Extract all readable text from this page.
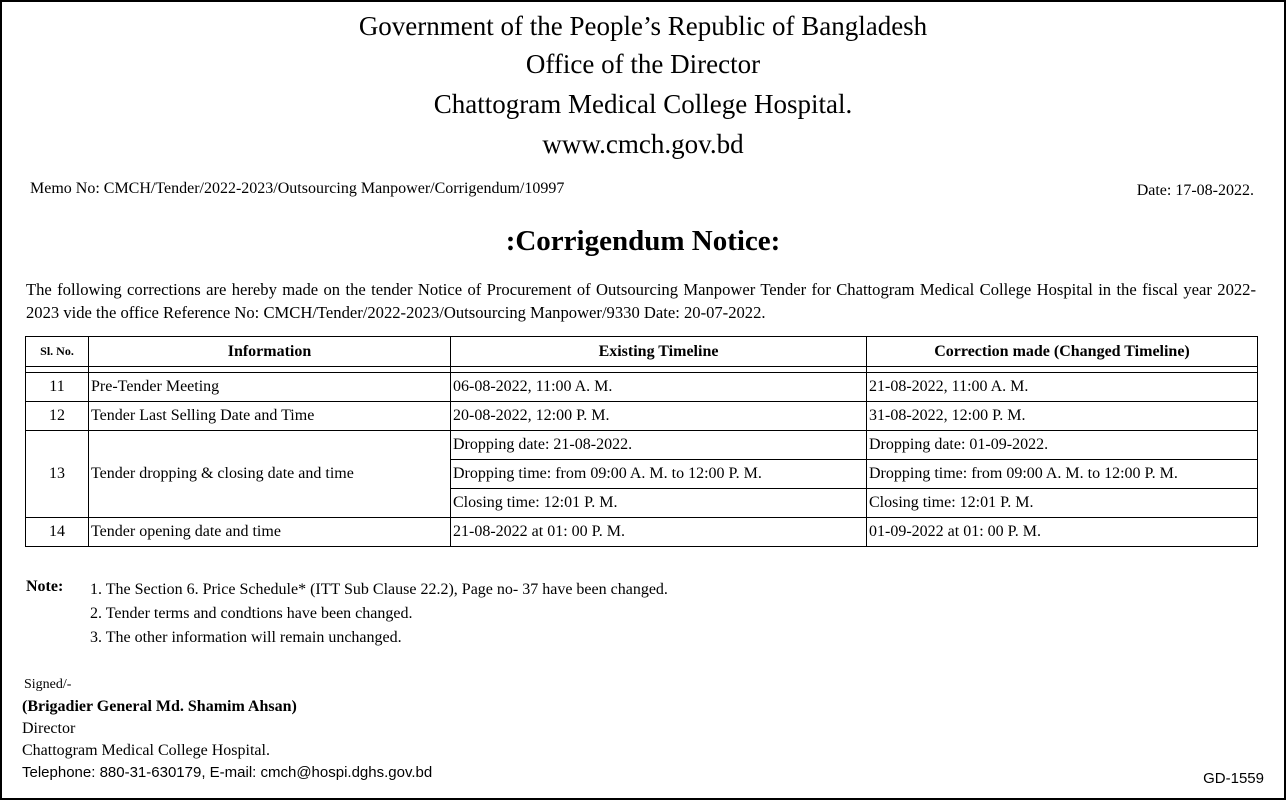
Government of the People’s Republic of Bangladesh
Office of the Director
Chattogram Medical College Hospital.
www.cmch.gov.bd
Memo No: CMCH/Tender/2022-2023/Outsourcing Manpower/Corrigendum/10997	Date: 17-08-2022.
:Corrigendum Notice:
The following corrections are hereby made on the tender Notice of Procurement of Outsourcing Manpower Tender for Chattogram Medical College Hospital in the fiscal year 2022-2023 vide the office Reference No: CMCH/Tender/2022-2023/Outsourcing Manpower/9330 Date: 20-07-2022.
Sl. No.	Information	Existing Timeline	Correction made (Changed Timeline)

11	Pre-Tender Meeting	06-08-2022, 11:00 A. M.	21-08-2022, 11:00 A. M.
12	Tender Last Selling Date and Time	20-08-2022, 12:00 P. M.	31-08-2022, 12:00 P. M.
13	Tender dropping & closing date and time	Dropping date: 21-08-2022.	Dropping date: 01-09-2022.
		Dropping time: from 09:00 A. M. to 12:00 P. M.	Dropping time: from 09:00 A. M. to 12:00 P. M.
		Closing time: 12:01 P. M.	Closing time: 12:01 P. M.
14	Tender opening date and time	21-08-2022 at 01: 00 P. M.	01-09-2022 at 01: 00 P. M.
Note: 1. The Section 6. Price Schedule* (ITT Sub Clause 22.2), Page no- 37 have been changed.
2. Tender terms and condtions have been changed.
3. The other information will remain unchanged.
Signed/-
(Brigadier General Md. Shamim Ahsan)
Director
Chattogram Medical College Hospital.
Telephone: 880-31-630179, E-mail: cmch@hospi.dghs.gov.bd	GD-1559
